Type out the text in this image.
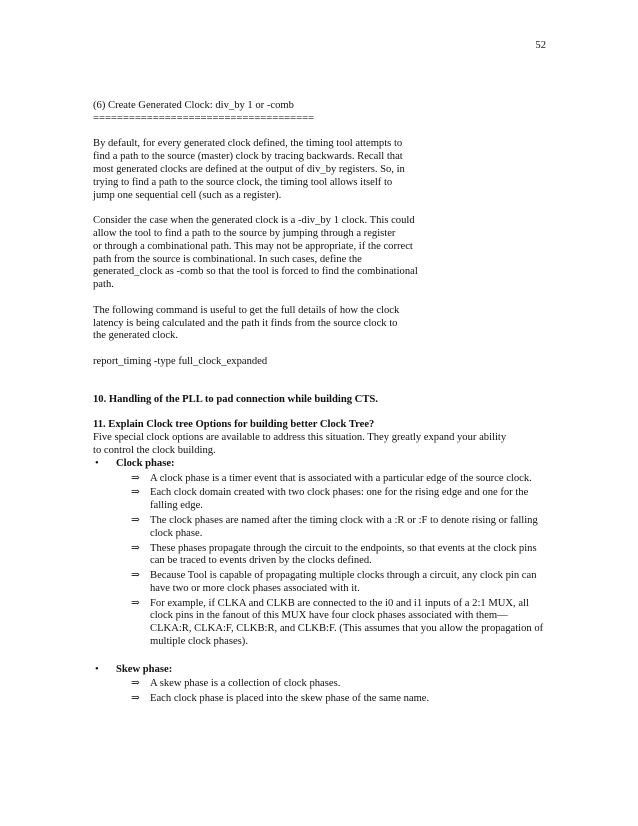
52

(6) Create Generated Clock: div_by 1 or -comb

=====================================

By default, for every generated clock defined, the timing tool attempts to
find a path to the source (master) clock by tracing backwards. Recall that
most generated clocks are defined at the output of div_by registers. So, in
trying to find a path to the source clock, the timing tool allows itself to
jump one sequential cell (such as a register).

Consider the case when the generated clock is a -div_by 1 clock. This could
allow the tool to find a path to the source by jumping through a register
or through a combinational path. This may not be appropriate, if the correct
path from the source is combinational. In such cases, define the
generated_clock as -comb so that the tool is forced to find the combinational
path.

The following command is useful to get the full details of how the clock
latency is being calculated and the path it finds from the source clock to
the generated clock.

report_timing -type full_clock_expanded

10. Handling of the PLL to pad connection while building CTS.

11. Explain Clock tree Options for building better Clock Tree?

Five special clock options are available to address this situation. They greatly expand your ability
to control the clock building.

•	Clock phase:
⇒ A clock phase is a timer event that is associated with a particular edge of the source clock.
⇒ Each clock domain created with two clock phases: one for the rising edge and one for the falling edge.
⇒ The clock phases are named after the timing clock with a :R or :F to denote rising or falling clock phase.
⇒ These phases propagate through the circuit to the endpoints, so that events at the clock pins can be traced to events driven by the clocks defined.
⇒ Because Tool is capable of propagating multiple clocks through a circuit, any clock pin can have two or more clock phases associated with it.
⇒ For example, if CLKA and CLKB are connected to the i0 and i1 inputs of a 2:1 MUX, all clock pins in the fanout of this MUX have four clock phases associated with them—CLKA:R, CLKA:F, CLKB:R, and CLKB:F. (This assumes that you allow the propagation of multiple clock phases).
•	Skew phase:
⇒ A skew phase is a collection of clock phases.
⇒ Each clock phase is placed into the skew phase of the same name.
